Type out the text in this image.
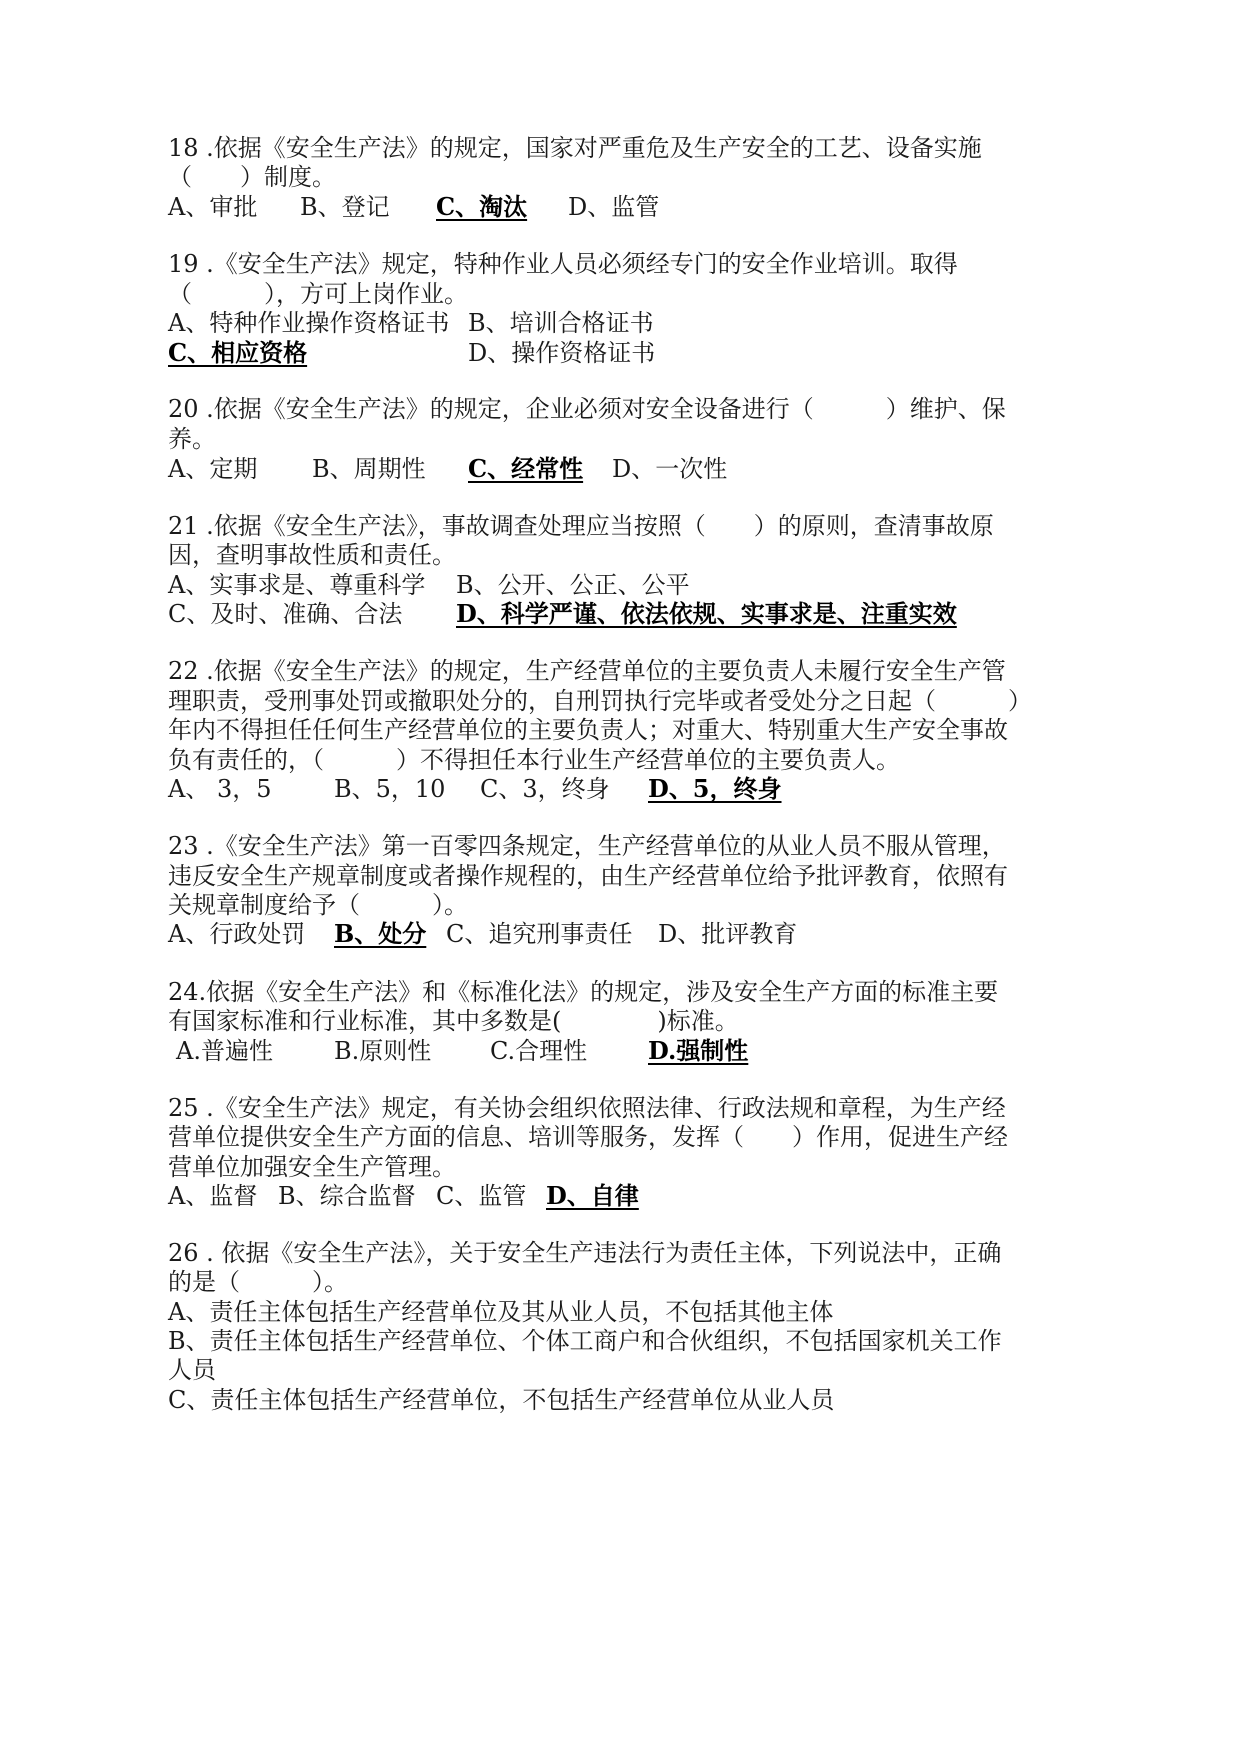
18 .依据《安全生产法》的规定，国家对严重危及生产安全的工艺、设备实施
（　　）制度。
A、审批 B、登记 C、淘汰 D、监管
19 .《安全生产法》规定，特种作业人员必须经专门的安全作业培训。取得
（　　　），方可上岗作业。
A、特种作业操作资格证书 B、培训合格证书
C、相应资格	D、操作资格证书
20 .依据《安全生产法》的规定，企业必须对安全设备进行（　　　）维护、保
养。
A、定期 B、周期性 C、经常性 D、一次性
21 .依据《安全生产法》，事故调查处理应当按照（　　）的原则，查清事故原
因，查明事故性质和责任。
A、实事求是、尊重科学 B、公开、公正、公平
C、及时、准确、合法 D、科学严谨、依法依规、实事求是、注重实效
22 .依据《安全生产法》的规定，生产经营单位的主要负责人未履行安全生产管
理职责，受刑事处罚或撤职处分的，自刑罚执行完毕或者受处分之日起（　　　）
年内不得担任任何生产经营单位的主要负责人；对重大、特别重大生产安全事故
负有责任的，（　　　）不得担任本行业生产经营单位的主要负责人。
A、 3，5	B、5，10 C、3，终身 D、5，终身
23 .《安全生产法》第一百零四条规定，生产经营单位的从业人员不服从管理，
违反安全生产规章制度或者操作规程的，由生产经营单位给予批评教育，依照有
关规章制度给予（　　　）。
A、行政处罚 B、处分 C、追究刑事责任 D、批评教育
24.依据《安全生产法》和《标准化法》的规定，涉及安全生产方面的标准主要
有国家标准和行业标准，其中多数是(　　　　)标准。
A.普遍性	B.原则性 C.合理性	D.强制性
25 .《安全生产法》规定，有关协会组织依照法律、行政法规和章程，为生产经
营单位提供安全生产方面的信息、培训等服务，发挥（　　）作用，促进生产经
营单位加强安全生产管理。
A、监督 B、综合监督 C、监管 D、自律
26 . 依据《安全生产法》，关于安全生产违法行为责任主体，下列说法中，正确
的是（　　　）。
A、责任主体包括生产经营单位及其从业人员，不包括其他主体
B、责任主体包括生产经营单位、个体工商户和合伙组织，不包括国家机关工作
人员
C、责任主体包括生产经营单位，不包括生产经营单位从业人员
